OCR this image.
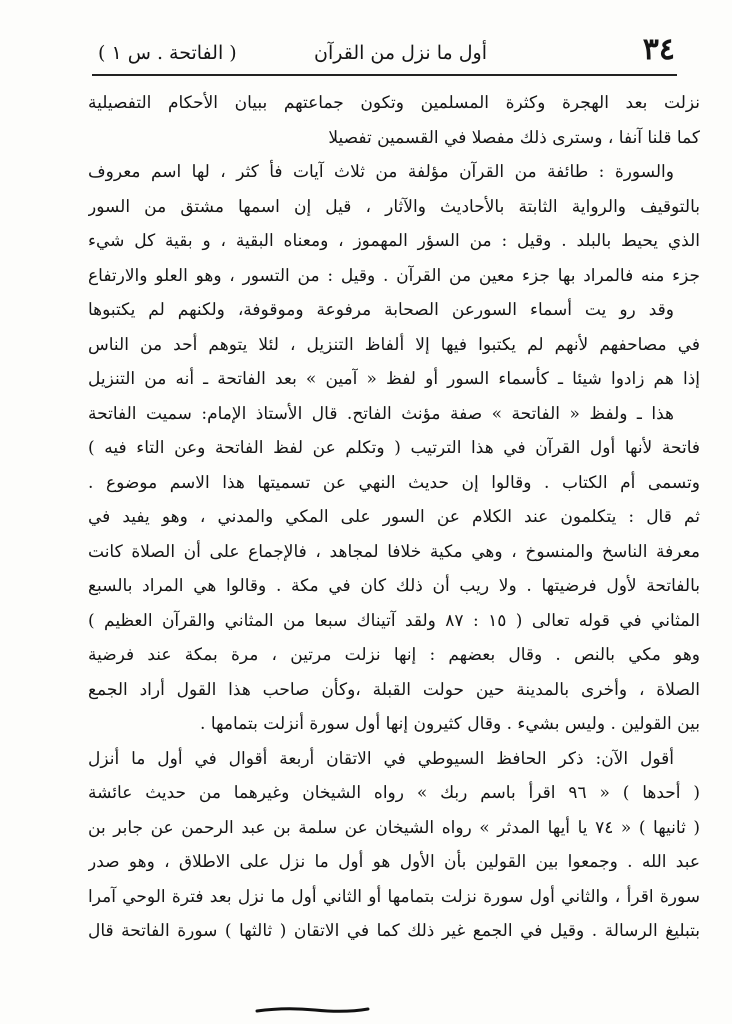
٣٤
أول ما نزل من القرآن
( الفاتحة . س ١ )
نزلت بعد الهجرة وكثرة المسلمين وتكون جماعتهم ببيان الأحكام التفصيلية
كما قلنا آنفا ، وسترى ذلك مفصلا في القسمين تفصيلا
والسورة : طائفة من القرآن مؤلفة من ثلاث آيات فأ كثر ، لها اسم معروف
بالتوقيف والرواية الثابتة بالأحاديث والآثار ، قيل إن اسمها مشتق من السور
الذي يحيط بالبلد . وقيل : من السؤر المهموز ، ومعناه البقية ، و بقية كل شيء
جزء منه فالمراد بها جزء معين من القرآن . وقيل : من التسور ، وهو العلو والارتفاع
وقد رو يت أسماء السورعن الصحابة مرفوعة وموقوفة، ولكنهم لم يكتبوها
في مصاحفهم لأنهم لم يكتبوا فيها إلا ألفاظ التنزيل ، لئلا يتوهم أحد من الناس
إذا هم زادوا شيئا ـ كأسماء السور أو لفظ « آمين » بعد الفاتحة ـ أنه من التنزيل
هذا ـ ولفظ « الفاتحة » صفة مؤنث الفاتح. قال الأستاذ الإمام: سميت الفاتحة
فاتحة لأنها أول القرآن في هذا الترتيب ( وتكلم عن لفظ الفاتحة وعن التاء فيه )
وتسمى أم الكتاب . وقالوا إن حديث النهي عن تسميتها هذا الاسم موضوع .
ثم قال : يتكلمون عند الكلام عن السور على المكي والمدني ، وهو يفيد في
معرفة الناسخ والمنسوخ ، وهي مكية خلافا لمجاهد ، فالإجماع على أن الصلاة كانت
بالفاتحة لأول فرضيتها . ولا ريب أن ذلك كان في مكة . وقالوا هي المراد بالسبع
المثاني في قوله تعالى ( ١٥ : ٨٧ ولقد آتيناك سبعا من المثاني والقرآن العظيم )
وهو مكي بالنص . وقال بعضهم : إنها نزلت مرتين ، مرة بمكة عند فرضية
الصلاة ، وأخرى بالمدينة حين حولت القبلة ،وكأن صاحب هذا القول أراد الجمع
بين القولين . وليس بشيء . وقال كثيرون إنها أول سورة أنزلت بتمامها .
أقول الآن: ذكر الحافظ السيوطي في الاتقان أربعة أقوال في أول ما أنزل
( أحدها ) « ٩٦ اقرأ باسم ربك » رواه الشيخان وغيرهما من حديث عائشة
( ثانيها ) « ٧٤ يا أيها المدثر » رواه الشيخان عن سلمة بن عبد الرحمن عن جابر بن
عبد الله . وجمعوا بين القولين بأن الأول هو أول ما نزل على الاطلاق ، وهو صدر
سورة اقرأ ، والثاني أول سورة نزلت بتمامها أو الثاني أول ما نزل بعد فترة الوحي آمرا
بتبليغ الرسالة . وقيل في الجمع غير ذلك كما في الاتقان ( ثالثها ) سورة الفاتحة قال
